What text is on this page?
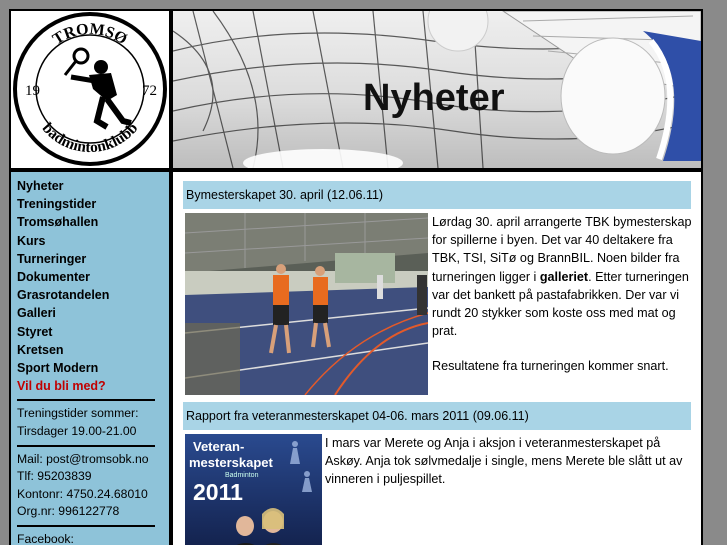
TROMSØ
badmintonklubb
19	72	Nyheter
Nyheter
Treningstider
Tromsøhallen
Kurs
Turneringer
Dokumenter
Grasrotandelen
Galleri
Styret
Kretsen
Sport Modern
Vil du bli med?
Treningstider sommer:
Tirsdager 19.00-21.00
Mail: post@tromsobk.no
Tlf: 95203839
Kontonr: 4750.24.68010
Org.nr: 996122778
Facebook:
Bymesterskapet 30. april (12.06.11)

Lørdag 30. april arrangerte TBK bymesterskap for spillerne i byen. Det var 40 deltakere fra TBK, TSI, SiTø og BrannBIL. Noen bilder fra turneringen ligger i galleriet. Etter turneringen var det bankett på pastafabrikken. Der var vi rundt 20 stykker som koste oss med mat og prat.

Resultatene fra turneringen kommer snart.

Rapport fra veteranmesterskapet 04-06. mars 2011 (09.06.11)
Veteran-
mesterskapet
Badminton
2011

I mars var Merete og Anja i aksjon i veteranmesterskapet på Askøy. Anja tok sølvmedalje i single, mens Merete ble slått ut av vinneren i puljespillet.
